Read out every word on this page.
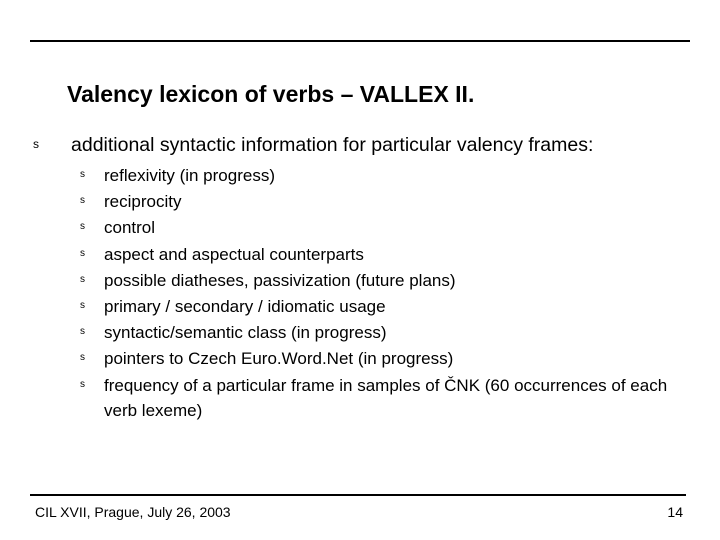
Valency lexicon of verbs – VALLEX II.
s additional syntactic information for particular valency frames:
s reflexivity (in progress)
s reciprocity
s control
s aspect and aspectual counterparts
s possible diatheses, passivization (future plans)
s primary / secondary / idiomatic usage
s syntactic/semantic class (in progress)
s pointers to Czech Euro.Word.Net (in progress)
s frequency of a particular frame in samples of ČNK (60 occurrences of each verb lexeme)
CIL XVII, Prague, July 26, 2003	14
